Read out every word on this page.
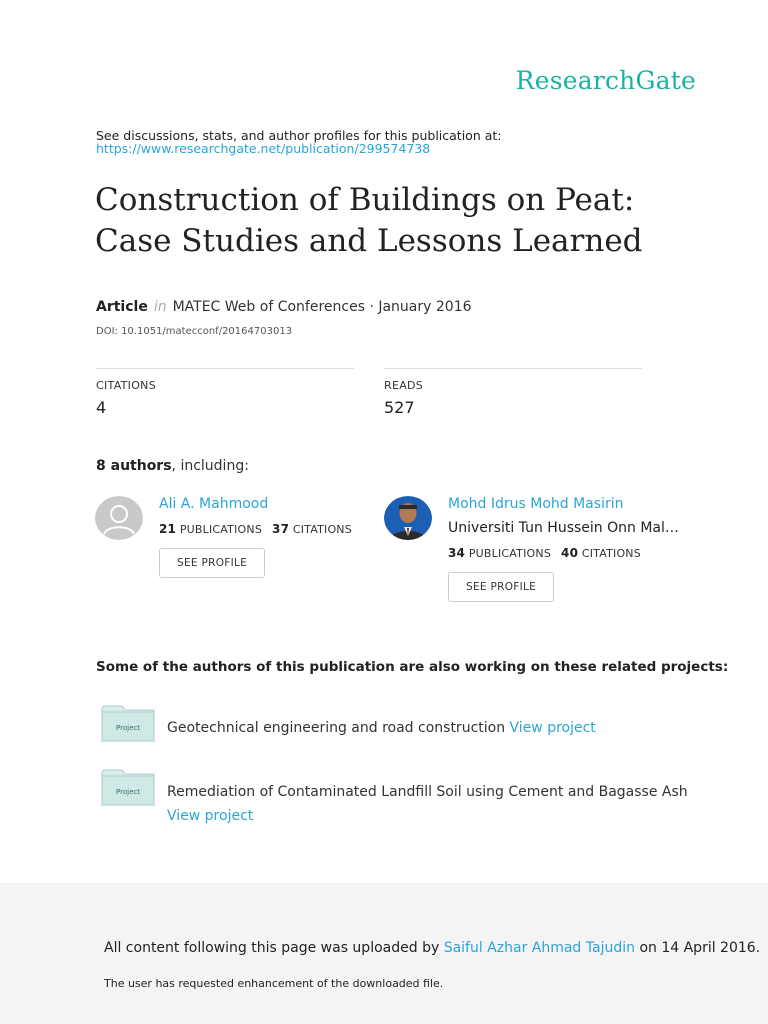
ResearchGate
See discussions, stats, and author profiles for this publication at:
https://www.researchgate.net/publication/299574738
Construction of Buildings on Peat: Case Studies and Lessons Learned
Article in MATEC Web of Conferences · January 2016
DOI: 10.1051/matecconf/20164703013
CITATIONS
4
READS
527
8 authors, including:
Ali A. Mahmood
21 PUBLICATIONS 37 CITATIONS
SEE PROFILE
Mohd Idrus Mohd Masirin
Universiti Tun Hussein Onn Mal…
34 PUBLICATIONS 40 CITATIONS
SEE PROFILE
Some of the authors of this publication are also working on these related projects:
Project Geotechnical engineering and road construction View project
Project Remediation of Contaminated Landfill Soil using Cement and Bagasse Ash
View project
All content following this page was uploaded by Saiful Azhar Ahmad Tajudin on 14 April 2016.
The user has requested enhancement of the downloaded file.
